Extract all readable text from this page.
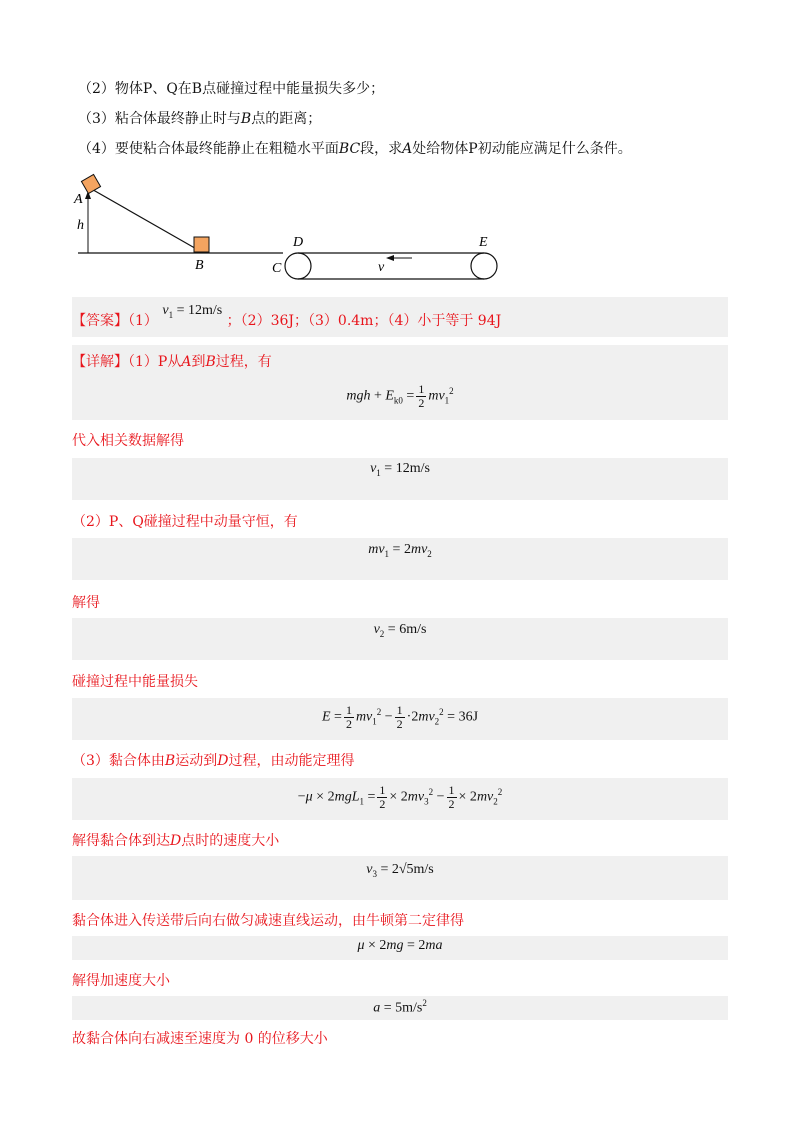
（2）物体P、Q在B点碰撞过程中能量损失多少；
（3）粘合体最终静止时与B点的距离；
（4）要使粘合体最终能静止在粗糙水平面BC段，求A处给物体P初动能应满足什么条件。
A
h
B	C
D	E
v
【答案】（1） $v_1 = 12m/s$ ；（2）36J；（3）0.4m；（4）小于等于 94J
【详解】（1）P从A到B过程，有
mgh + $E_{k0} = \frac{1}{2} mv_1^2$
代入相关数据解得
$v_1 = 12m/s$
（2）P、Q碰撞过程中动量守恒，有
$mv_1 = 2mv_2$
解得
$v_2 = 6m/s$
碰撞过程中能量损失
$E = \frac{1}{2} mv_1^2 - \frac{1}{2} \cdot 2mv_2^2 = 36J$
（3）黏合体由B运动到D过程，由动能定理得
$-\mu \times 2mgL_1 = \frac{1}{2} \times 2mv_3^2 - \frac{1}{2} \times 2mv_2^2$
解得黏合体到达D点时的速度大小
$v_3 = 2√5m/s$
黏合体进入传送带后向右做匀减速直线运动，由牛顿第二定律得
μ × 2mg = 2ma
解得加速度大小
$a = 5m/s^2$
故黏合体向右减速至速度为 0 的位移大小
